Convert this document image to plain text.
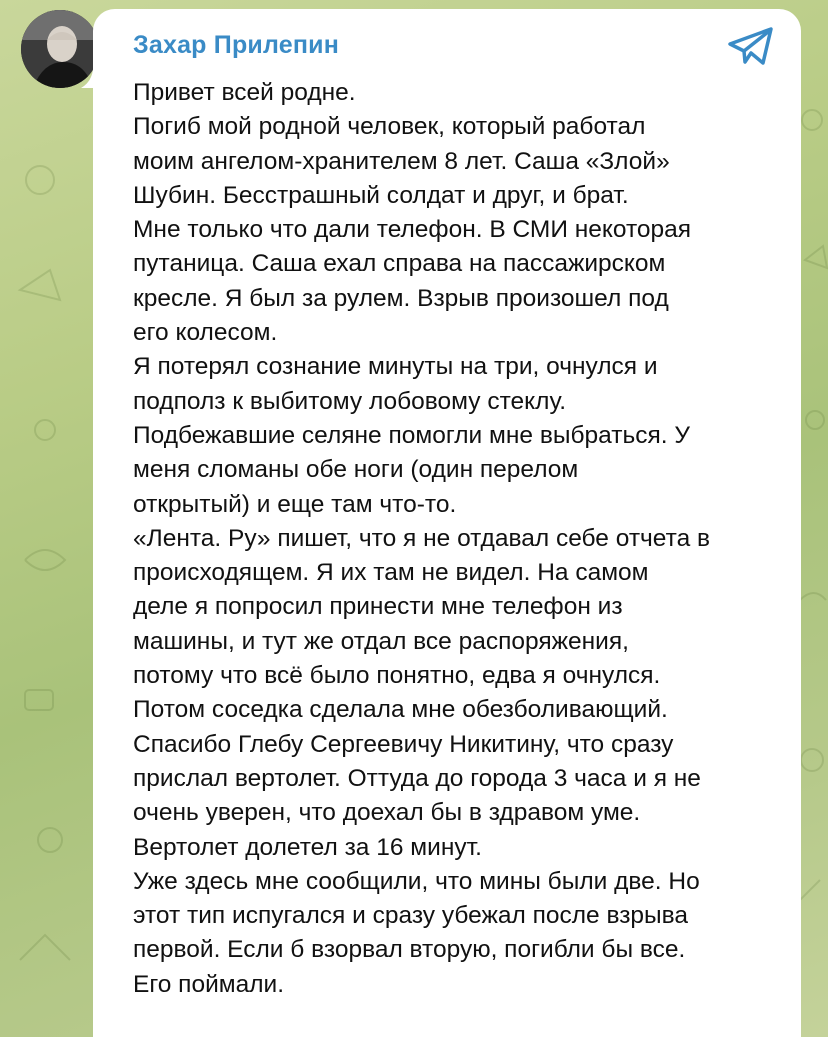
Захар Прилепин
Привет всей родне.
Погиб мой родной человек, который работал
моим ангелом-хранителем 8 лет. Саша «Злой»
Шубин. Бесстрашный солдат и друг, и брат.
Мне только что дали телефон. В СМИ некоторая
путаница. Саша ехал справа на пассажирском
кресле. Я был за рулем. Взрыв произошел под
его колесом.
Я потерял сознание минуты на три, очнулся и
подполз к выбитому лобовому стеклу.
Подбежавшие селяне помогли мне выбраться. У
меня сломаны обе ноги (один перелом
открытый) и еще там что-то.
«Лента. Ру» пишет, что я не отдавал себе отчета в
происходящем. Я их там не видел. На самом
деле я попросил принести мне телефон из
машины, и тут же отдал все распоряжения,
потому что всё было понятно, едва я очнулся.
Потом соседка сделала мне обезболивающий.
Спасибо Глебу Сергеевичу Никитину, что сразу
прислал вертолет. Оттуда до города 3 часа и я не
очень уверен, что доехал бы в здравом уме.
Вертолет долетел за 16 минут.
Уже здесь мне сообщили, что мины были две. Но
этот тип испугался и сразу убежал после взрыва
первой. Если б взорвал вторую, погибли бы все.
Его поймали.
